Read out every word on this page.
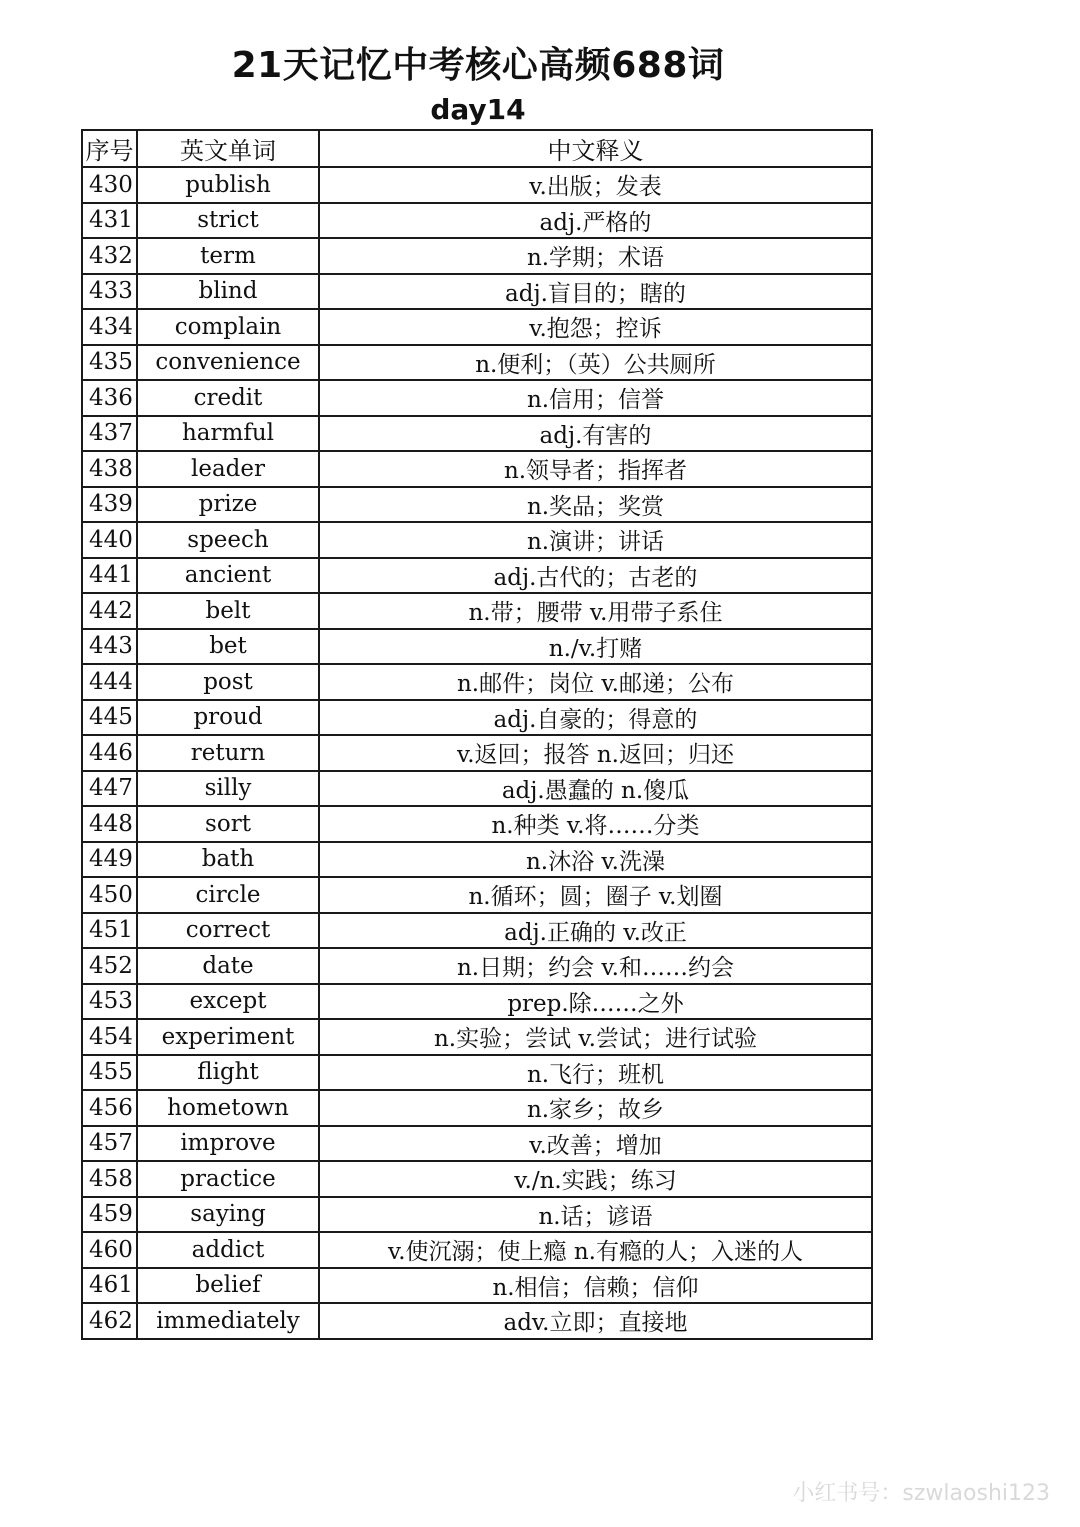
21天记忆中考核心高频688词
day14
序号	英文单词	中文释义
430	publish	v.出版；发表
431	strict	adj.严格的
432	term	n.学期；术语
433	blind	adj.盲目的；瞎的
434	complain	v.抱怨；控诉
435	convenience	n.便利；（英）公共厕所
436	credit	n.信用；信誉
437	harmful	adj.有害的
438	leader	n.领导者；指挥者
439	prize	n.奖品；奖赏
440	speech	n.演讲；讲话
441	ancient	adj.古代的；古老的
442	belt	n.带；腰带 v.用带子系住
443	bet	n./v.打赌
444	post	n.邮件；岗位 v.邮递；公布
445	proud	adj.自豪的；得意的
446	return	v.返回；报答 n.返回；归还
447	silly	adj.愚蠢的 n.傻瓜
448	sort	n.种类 v.将……分类
449	bath	n.沐浴 v.洗澡
450	circle	n.循环；圆；圈子 v.划圈
451	correct	adj.正确的 v.改正
452	date	n.日期；约会 v.和……约会
453	except	prep.除……之外
454	experiment	n.实验；尝试 v.尝试；进行试验
455	flight	n.飞行；班机
456	hometown	n.家乡；故乡
457	improve	v.改善；增加
458	practice	v./n.实践；练习
459	saying	n.话；谚语
460	addict	v.使沉溺；使上瘾 n.有瘾的人；入迷的人
461	belief	n.相信；信赖；信仰
462	immediately	adv.立即；直接地
小红书号：szwlaoshi123
